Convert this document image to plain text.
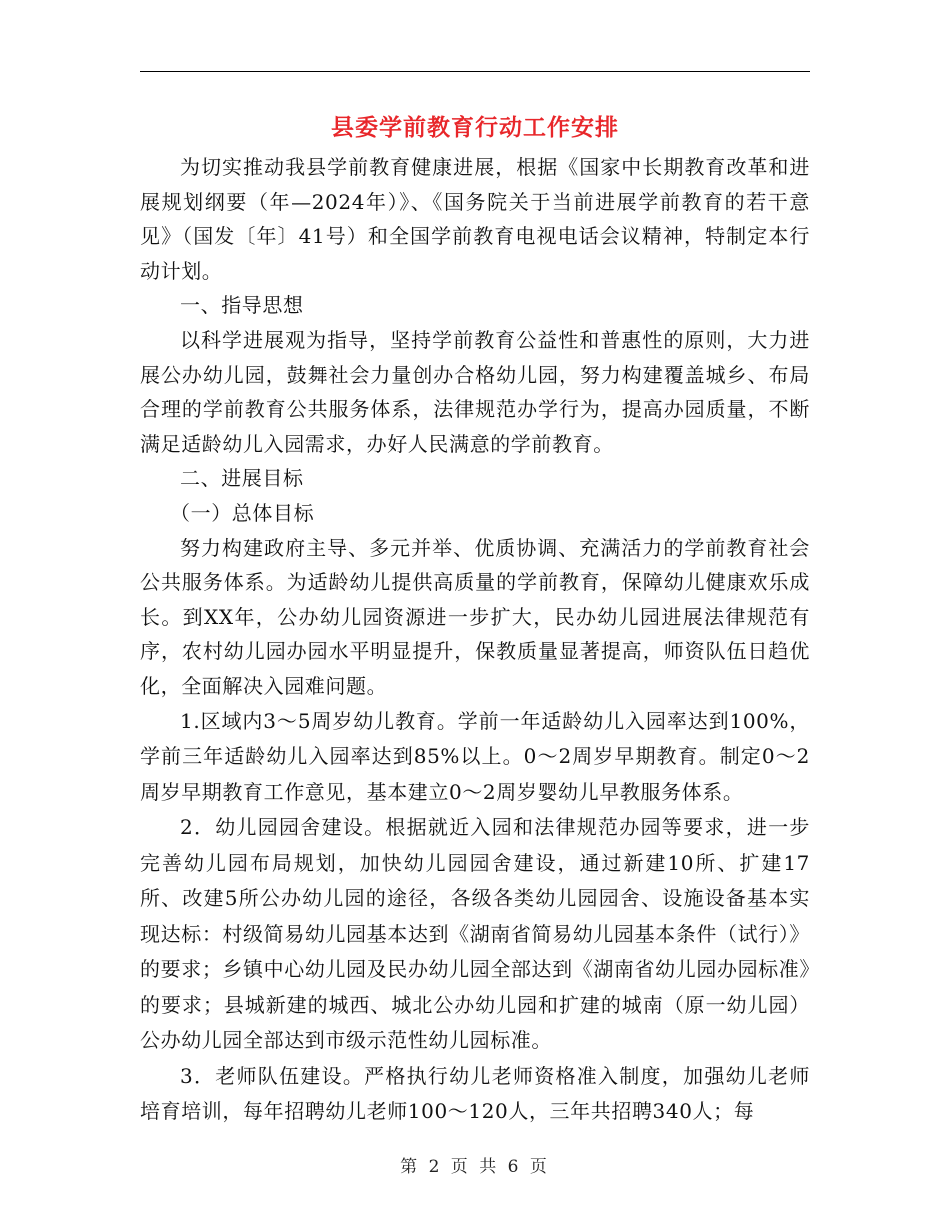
县委学前教育行动工作安排

为切实推动我县学前教育健康进展，根据《国家中长期教育改革和进展规划纲要（年—2024年）》、《国务院关于当前进展学前教育的若干意见》（国发〔年〕41号）和全国学前教育电视电话会议精神，特制定本行动计划。

一、指导思想

以科学进展观为指导，坚持学前教育公益性和普惠性的原则，大力进展公办幼儿园，鼓舞社会力量创办合格幼儿园，努力构建覆盖城乡、布局合理的学前教育公共服务体系，法律规范办学行为，提高办园质量，不断满足适龄幼儿入园需求，办好人民满意的学前教育。

二、进展目标

（一）总体目标

努力构建政府主导、多元并举、优质协调、充满活力的学前教育社会公共服务体系。为适龄幼儿提供高质量的学前教育，保障幼儿健康欢乐成长。到XX年，公办幼儿园资源进一步扩大，民办幼儿园进展法律规范有序，农村幼儿园办园水平明显提升，保教质量显著提高，师资队伍日趋优化，全面解决入园难问题。

1.区域内3～5周岁幼儿教育。学前一年适龄幼儿入园率达到100%，学前三年适龄幼儿入园率达到85%以上。0～2周岁早期教育。制定0～2周岁早期教育工作意见，基本建立0～2周岁婴幼儿早教服务体系。

2．幼儿园园舍建设。根据就近入园和法律规范办园等要求，进一步完善幼儿园布局规划，加快幼儿园园舍建设，通过新建10所、扩建17所、改建5所公办幼儿园的途径，各级各类幼儿园园舍、设施设备基本实现达标：村级简易幼儿园基本达到《湖南省简易幼儿园基本条件（试行）》的要求；乡镇中心幼儿园及民办幼儿园全部达到《湖南省幼儿园办园标准》的要求；县城新建的城西、城北公办幼儿园和扩建的城南（原一幼儿园）公办幼儿园全部达到市级示范性幼儿园标准。

3．老师队伍建设。严格执行幼儿老师资格准入制度，加强幼儿老师培育培训，每年招聘幼儿老师100～120人，三年共招聘340人；每

第 2 页 共 6 页
